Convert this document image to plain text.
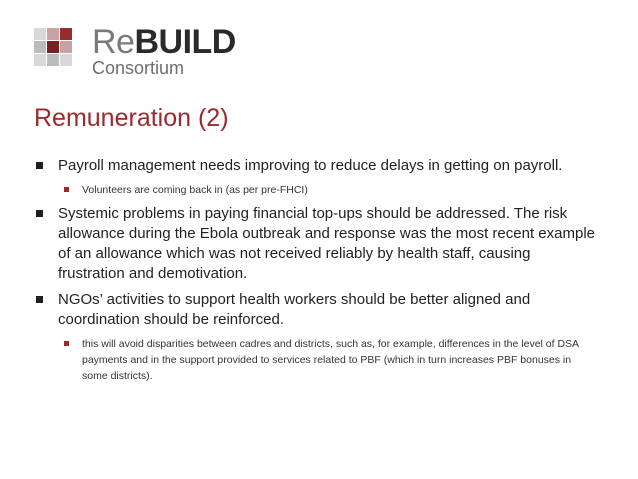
ReBUILD
Consortium
Remuneration (2)
Payroll management needs improving to reduce delays in getting on payroll.
Volunteers are coming back in (as per pre-FHCI)
Systemic problems in paying financial top-ups should be addressed. The risk allowance during the Ebola outbreak and response was the most recent example of an allowance which was not received reliably by health staff, causing frustration and demotivation.
NGOs’ activities to support health workers should be better aligned and coordination should be reinforced.
this will avoid disparities between cadres and districts, such as, for example, differences in the level of DSA payments and in the support provided to services related to PBF (which in turn increases PBF bonuses in some districts).
